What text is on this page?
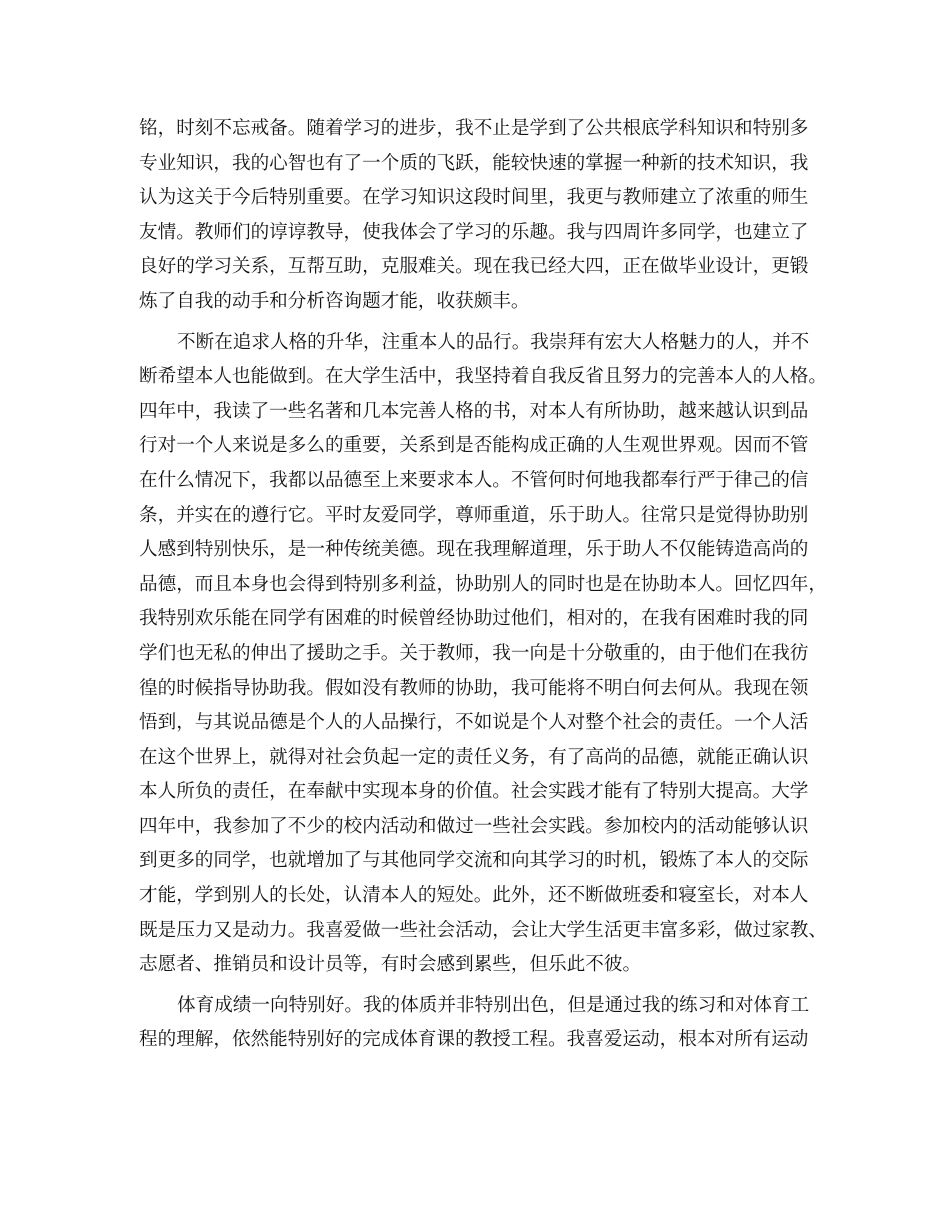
铭，时刻不忘戒备。随着学习的进步，我不止是学到了公共根底学科知识和特别多
专业知识，我的心智也有了一个质的飞跃，能较快速的掌握一种新的技术知识，我
认为这关于今后特别重要。在学习知识这段时间里，我更与教师建立了浓重的师生
友情。教师们的谆谆教导，使我体会了学习的乐趣。我与四周许多同学，也建立了
良好的学习关系，互帮互助，克服难关。现在我已经大四，正在做毕业设计，更锻
炼了自我的动手和分析咨询题才能，收获颇丰。
不断在追求人格的升华，注重本人的品行。我崇拜有宏大人格魅力的人，并不
断希望本人也能做到。在大学生活中，我坚持着自我反省且努力的完善本人的人格。
四年中，我读了一些名著和几本完善人格的书，对本人有所协助，越来越认识到品
行对一个人来说是多么的重要，关系到是否能构成正确的人生观世界观。因而不管
在什么情况下，我都以品德至上来要求本人。不管何时何地我都奉行严于律己的信
条，并实在的遵行它。平时友爱同学，尊师重道，乐于助人。往常只是觉得协助别
人感到特别快乐，是一种传统美德。现在我理解道理，乐于助人不仅能铸造高尚的
品德，而且本身也会得到特别多利益，协助别人的同时也是在协助本人。回忆四年，
我特别欢乐能在同学有困难的时候曾经协助过他们，相对的，在我有困难时我的同
学们也无私的伸出了援助之手。关于教师，我一向是十分敬重的，由于他们在我彷
徨的时候指导协助我。假如没有教师的协助，我可能将不明白何去何从。我现在领
悟到，与其说品德是个人的人品操行，不如说是个人对整个社会的责任。一个人活
在这个世界上，就得对社会负起一定的责任义务，有了高尚的品德，就能正确认识
本人所负的责任，在奉献中实现本身的价值。社会实践才能有了特别大提高。大学
四年中，我参加了不少的校内活动和做过一些社会实践。参加校内的活动能够认识
到更多的同学，也就增加了与其他同学交流和向其学习的时机，锻炼了本人的交际
才能，学到别人的长处，认清本人的短处。此外，还不断做班委和寝室长，对本人
既是压力又是动力。我喜爱做一些社会活动，会让大学生活更丰富多彩，做过家教、
志愿者、推销员和设计员等，有时会感到累些，但乐此不彼。
体育成绩一向特别好。我的体质并非特别出色，但是通过我的练习和对体育工
程的理解，依然能特别好的完成体育课的教授工程。我喜爱运动，根本对所有运动
